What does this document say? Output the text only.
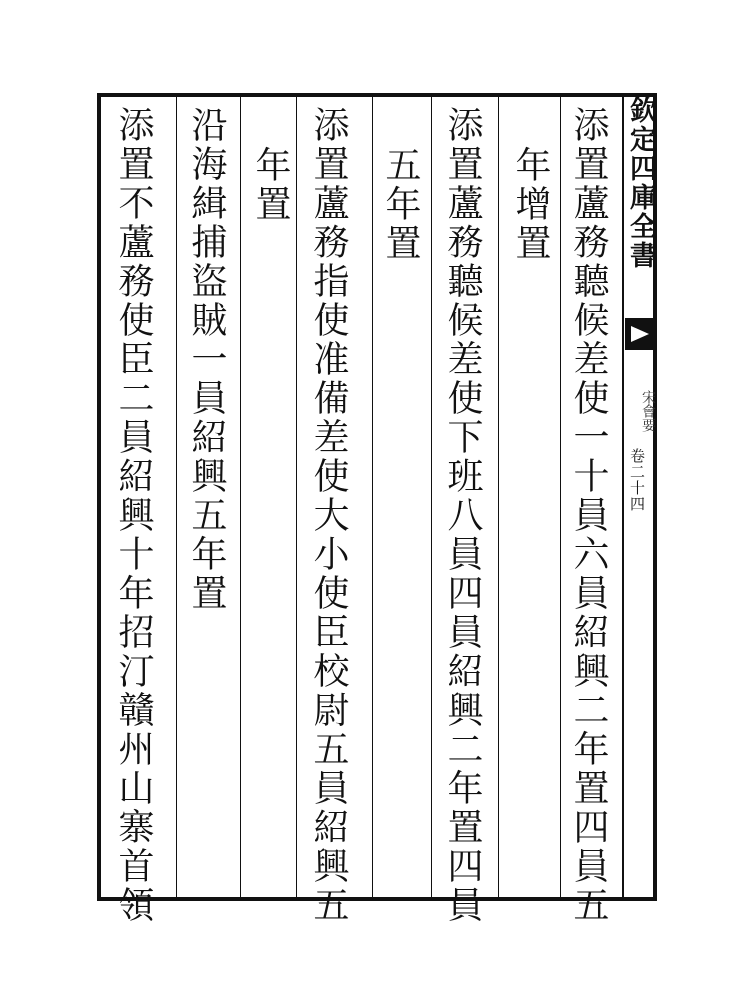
欽定四庫全書
宋會要
卷二十四
添置蘆務聽候差使一十員六員紹興二年置四員五
年增置
添置蘆務聽候差使下班八員四員紹興二年置四員
五年置
添置蘆務指使准備差使大小使臣校尉五員紹興五
年置
沿海緝捕盜賊一員紹興五年置
添置不蘆務使臣二員紹興十年招汀贛州山寨首領
